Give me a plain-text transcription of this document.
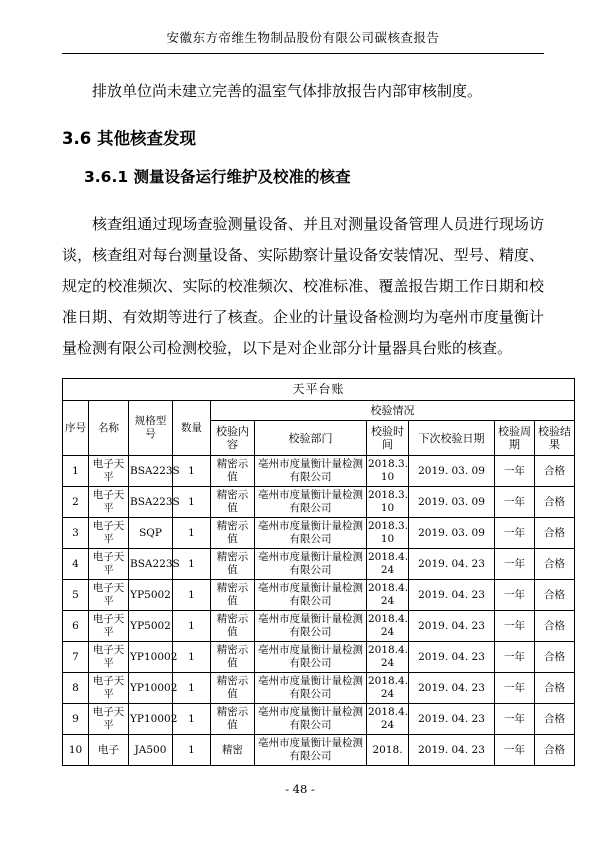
安徽东方帝维生物制品股份有限公司碳核查报告

排放单位尚未建立完善的温室气体排放报告内部审核制度。

3.6 其他核查发现
3.6.1 测量设备运行维护及校准的核查

核查组通过现场查验测量设备、并且对测量设备管理人员进行现场访谈，核查组对每台测量设备、实际勘察计量设备安装情况、型号、精度、规定的校准频次、实际的校准频次、校准标准、覆盖报告期工作日期和校准日期、有效期等进行了核查。企业的计量设备检测均为亳州市度量衡计量检测有限公司检测校验，以下是对企业部分计量器具台账的核查。

天平台账									
序号	名称	规格型号	数量	校验情况					
				校验内容	校验部门	校验时间	下次校验日期	校验周期	校验结果
1	电子天平	BSA223S	1	精密示值	亳州市度量衡计量检测有限公司	2018.3. 10	2019. 03. 09	一年	合格
2	电子天平	BSA223S	1	精密示值	亳州市度量衡计量检测有限公司	2018.3. 10	2019. 03. 09	一年	合格
3	电子天平	SQP	1	精密示值	亳州市度量衡计量检测有限公司	2018.3. 10	2019. 03. 09	一年	合格
4	电子天平	BSA223S	1	精密示值	亳州市度量衡计量检测有限公司	2018.4. 24	2019. 04. 23	一年	合格
5	电子天平	YP5002	1	精密示值	亳州市度量衡计量检测有限公司	2018.4. 24	2019. 04. 23	一年	合格
6	电子天平	YP5002	1	精密示值	亳州市度量衡计量检测有限公司	2018.4. 24	2019. 04. 23	一年	合格
7	电子天平	YP10002	1	精密示值	亳州市度量衡计量检测有限公司	2018.4. 24	2019. 04. 23	一年	合格
8	电子天平	YP10002	1	精密示值	亳州市度量衡计量检测有限公司	2018.4. 24	2019. 04. 23	一年	合格
9	电子天平	YP10002	1	精密示值	亳州市度量衡计量检测有限公司	2018.4. 24	2019. 04. 23	一年	合格
10	电子	JA500	1	精密	亳州市度量衡计量检测有限公司	2018.	2019. 04. 23	一年	合格
- 48 -
